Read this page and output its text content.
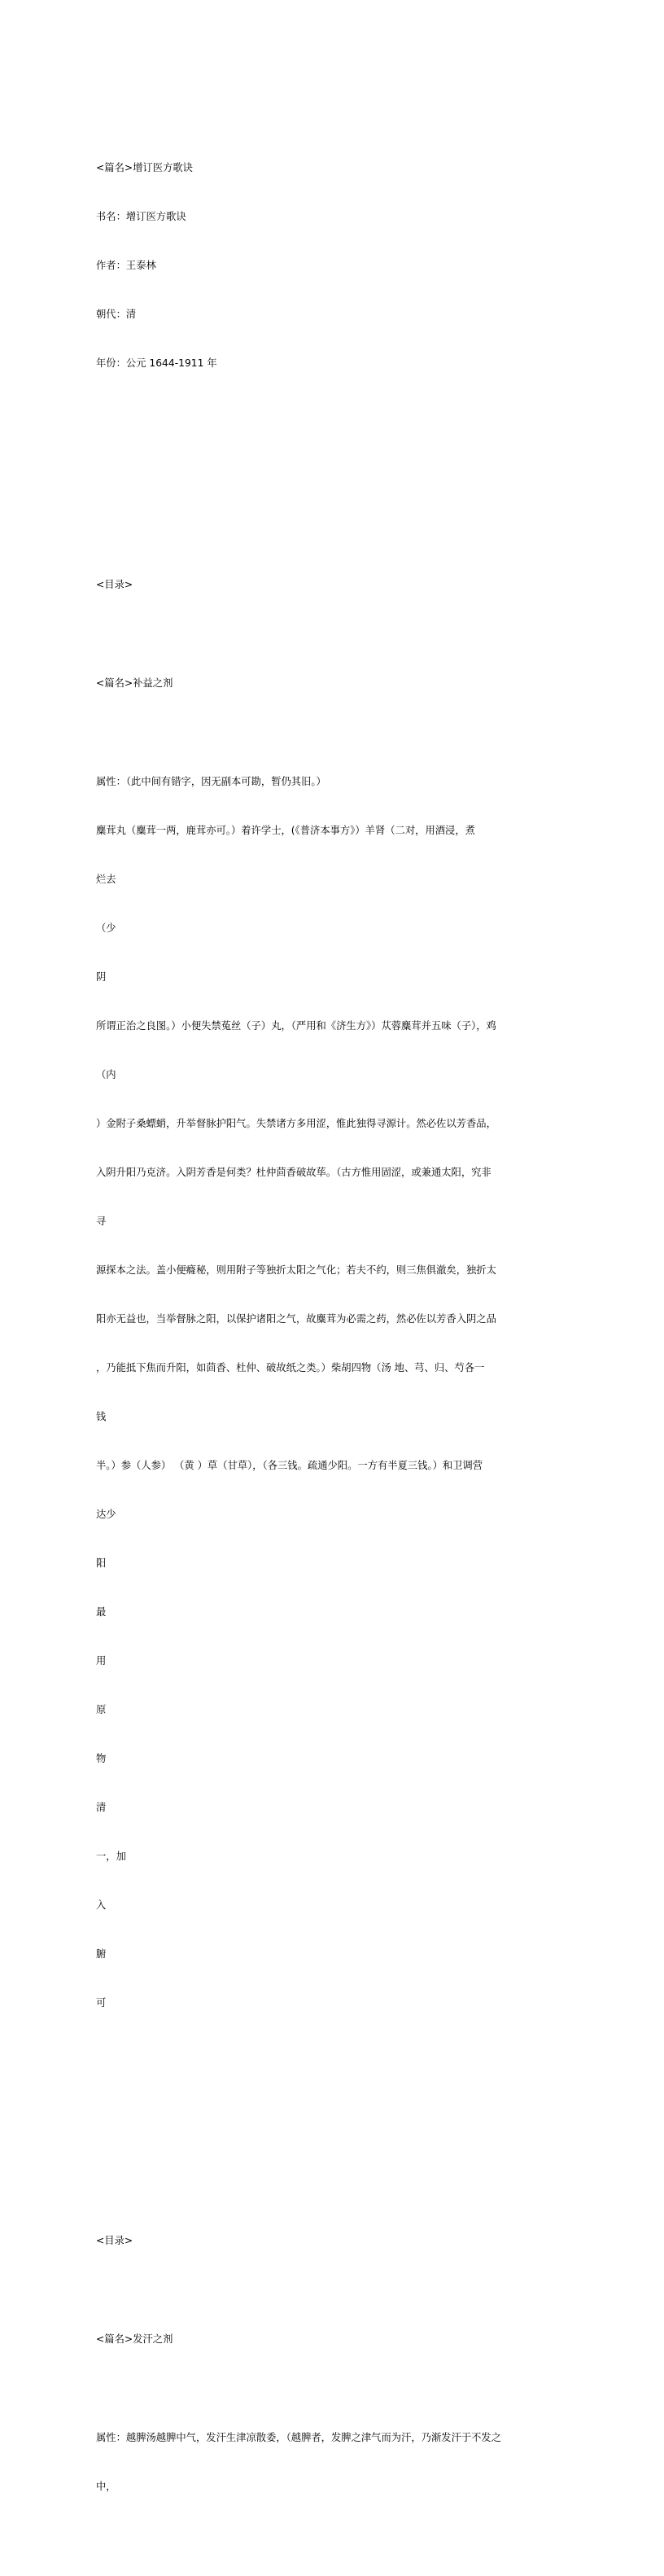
<篇名>增订医方歌诀

书名：增订医方歌诀

作者：王泰林

朝代：清

年份：公元 1644-1911 年

<目录>

<篇名>补益之剂

属性：（此中间有错字，因无副本可勘，暂仍其旧。）

麋茸丸（麋茸一两，鹿茸亦可。）着许学士，(《普济本事方》）羊肾（二对，用酒浸，煮

烂去

（少

阴

所谓正治之良图。）小便失禁菟丝（子）丸，（严用和《济生方》）苁蓉麋茸并五味（子），鸡

（内

）金附子桑螵蛸，升举督脉护阳气。失禁诸方多用涩，惟此独得寻源计。然必佐以芳香品，

入阴升阳乃克济。入阴芳香是何类？杜仲茴香破故荜。（古方惟用固涩，或兼通太阳，究非

寻

源探本之法。盖小便癃秘，则用附子等独折太阳之气化；若夫不约，则三焦俱澈矣，独折太

阳亦无益也，当举督脉之阳，以保护诸阳之气，故麋茸为必需之药，然必佐以芳香入阴之品

，乃能抵下焦而升阳，如茴香、杜仲、破故纸之类。）柴胡四物（汤 地、芎、归、芍各一

钱

半。）参（人参） （黄 ）草（甘草），（各三钱。疏通少阳。一方有半夏三钱。）和卫调营

达少

阳

最

用

原

物

清

一，加

入

腑

可

<目录>

<篇名>发汗之剂

属性：越脾汤越脾中气，发汗生津凉散委，（越脾者，发脾之津气而为汗，乃渐发汗于不发之

中，
